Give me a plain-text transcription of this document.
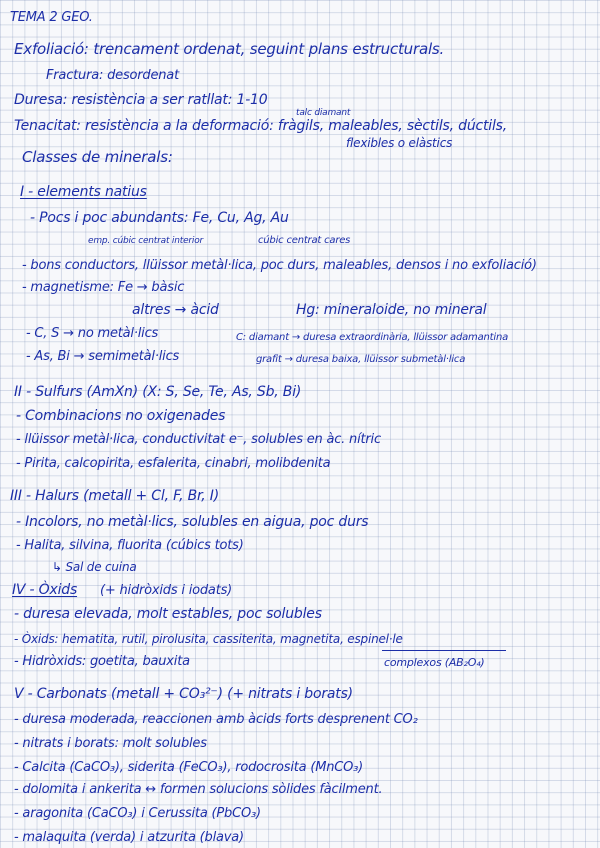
TEMA 2 GEO.
Exfoliació: trencament ordenat, seguint plans estructurals.
Fractura: desordenat
Duresa: resistència a ser ratllat: 1-10
talc diamant
Tenacitat: resistència a la deformació: fràgils, maleables, sèctils, dúctils,
flexibles o elàstics
Classes de minerals:
I - elements natius
- Pocs i poc abundants: Fe, Cu, Ag, Au
emp. cúbic centrat interior	cúbic centrat cares
- bons conductors, llüissor metàl·lica, poc durs, maleables, densos i no exfoliació)
- magnetisme: Fe → bàsic
altres → àcid	Hg: mineraloide, no mineral
- C, S → no metàl·lics	C: diamant → duresa extraordinària, llüissor adamantina
- As, Bi → semimetàl·lics	grafit → duresa baixa, llüissor submetàl·lica
II - Sulfurs (AmXn) (X: S, Se, Te, As, Sb, Bi)
- Combinacions no oxigenades
- llüissor metàl·lica, conductivitat e⁻, solubles en àc. nítric
- Pirita, calcopirita, esfalerita, cinabri, molibdenita
III - Halurs (metall + Cl, F, Br, I)
- Incolors, no metàl·lics, solubles en aigua, poc durs
- Halita, silvina, fluorita (cúbics tots)
↳ Sal de cuina
IV - Òxids (+ hidròxids i iodats)
- duresa elevada, molt estables, poc solubles
- Òxids: hematita, rutil, pirolusita, cassiterita, magnetita, espinel·le
complexos (AB₂O₄)
- Hidròxids: goetita, bauxita
V - Carbonats (metall + CO₃²⁻) (+ nitrats i borats)
- duresa moderada, reaccionen amb àcids forts desprenent CO₂
- nitrats i borats: molt solubles
- Calcita (CaCO₃), siderita (FeCO₃), rodocrosita (MnCO₃)
- dolomita i ankerita ↔ formen solucions sòlides fàcilment.
- aragonita (CaCO₃) i Cerussita (PbCO₃)
- malaquita (verda) i atzurita (blava)
